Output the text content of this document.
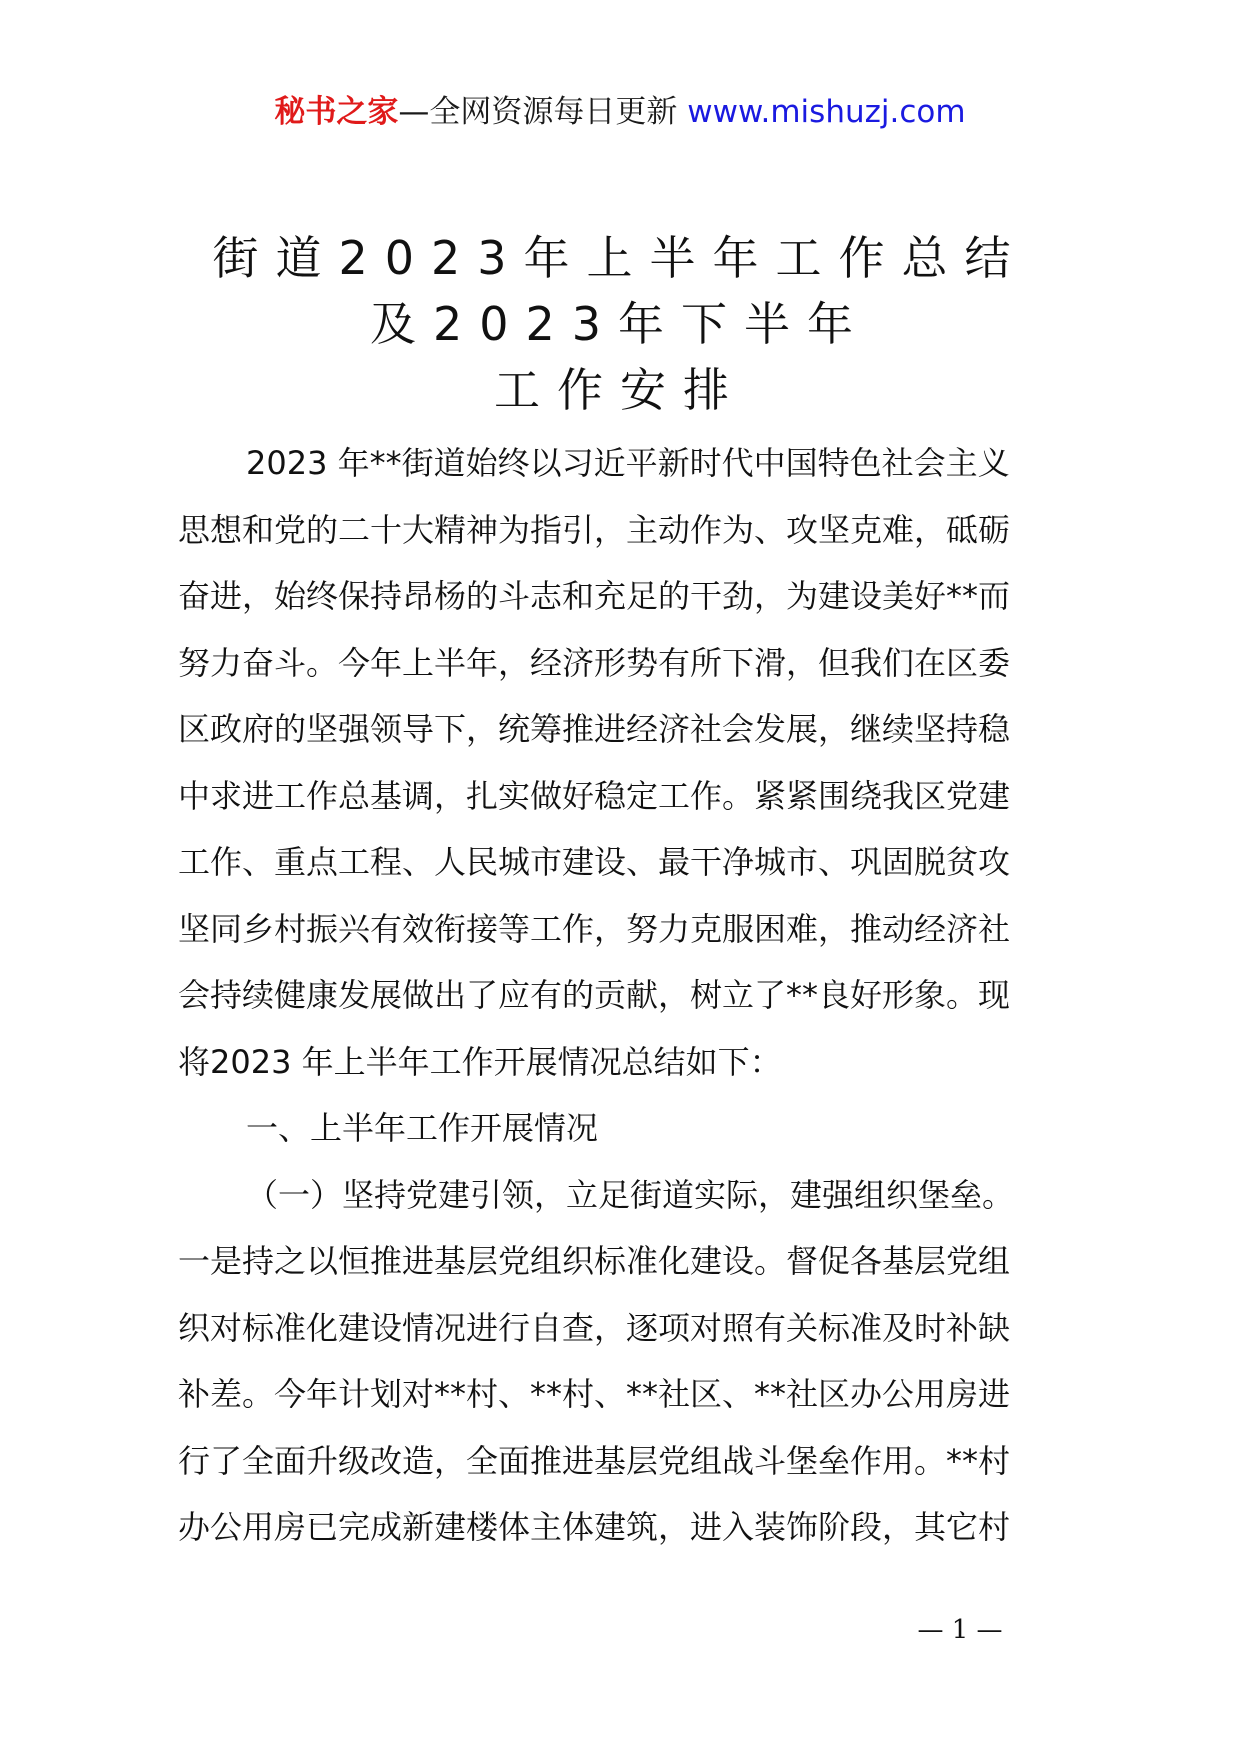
秘书之家—全网资源每日更新 www.mishuzj.com
街道2023年上半年工作总结
及2023年下半年
工作安排

2023 年**街道始终以习近平新时代中国特色社会主义
思想和党的二十大精神为指引，主动作为、攻坚克难，砥砺
奋进，始终保持昂杨的斗志和充足的干劲，为建设美好**而
努力奋斗。今年上半年，经济形势有所下滑，但我们在区委
区政府的坚强领导下，统筹推进经济社会发展，继续坚持稳
中求进工作总基调，扎实做好稳定工作。紧紧围绕我区党建
工作、重点工程、人民城市建设、最干净城市、巩固脱贫攻
坚同乡村振兴有效衔接等工作，努力克服困难，推动经济社
会持续健康发展做出了应有的贡献，树立了**良好形象。现
将2023 年上半年工作开展情况总结如下：

一、上半年工作开展情况

（一）坚持党建引领，立足街道实际，建强组织堡垒。
一是持之以恒推进基层党组织标准化建设。督促各基层党组
织对标准化建设情况进行自查，逐项对照有关标准及时补缺
补差。今年计划对**村、**村、**社区、**社区办公用房进
行了全面升级改造，全面推进基层党组战斗堡垒作用。**村
办公用房已完成新建楼体主体建筑，进入装饰阶段，其它村

— 1 —
